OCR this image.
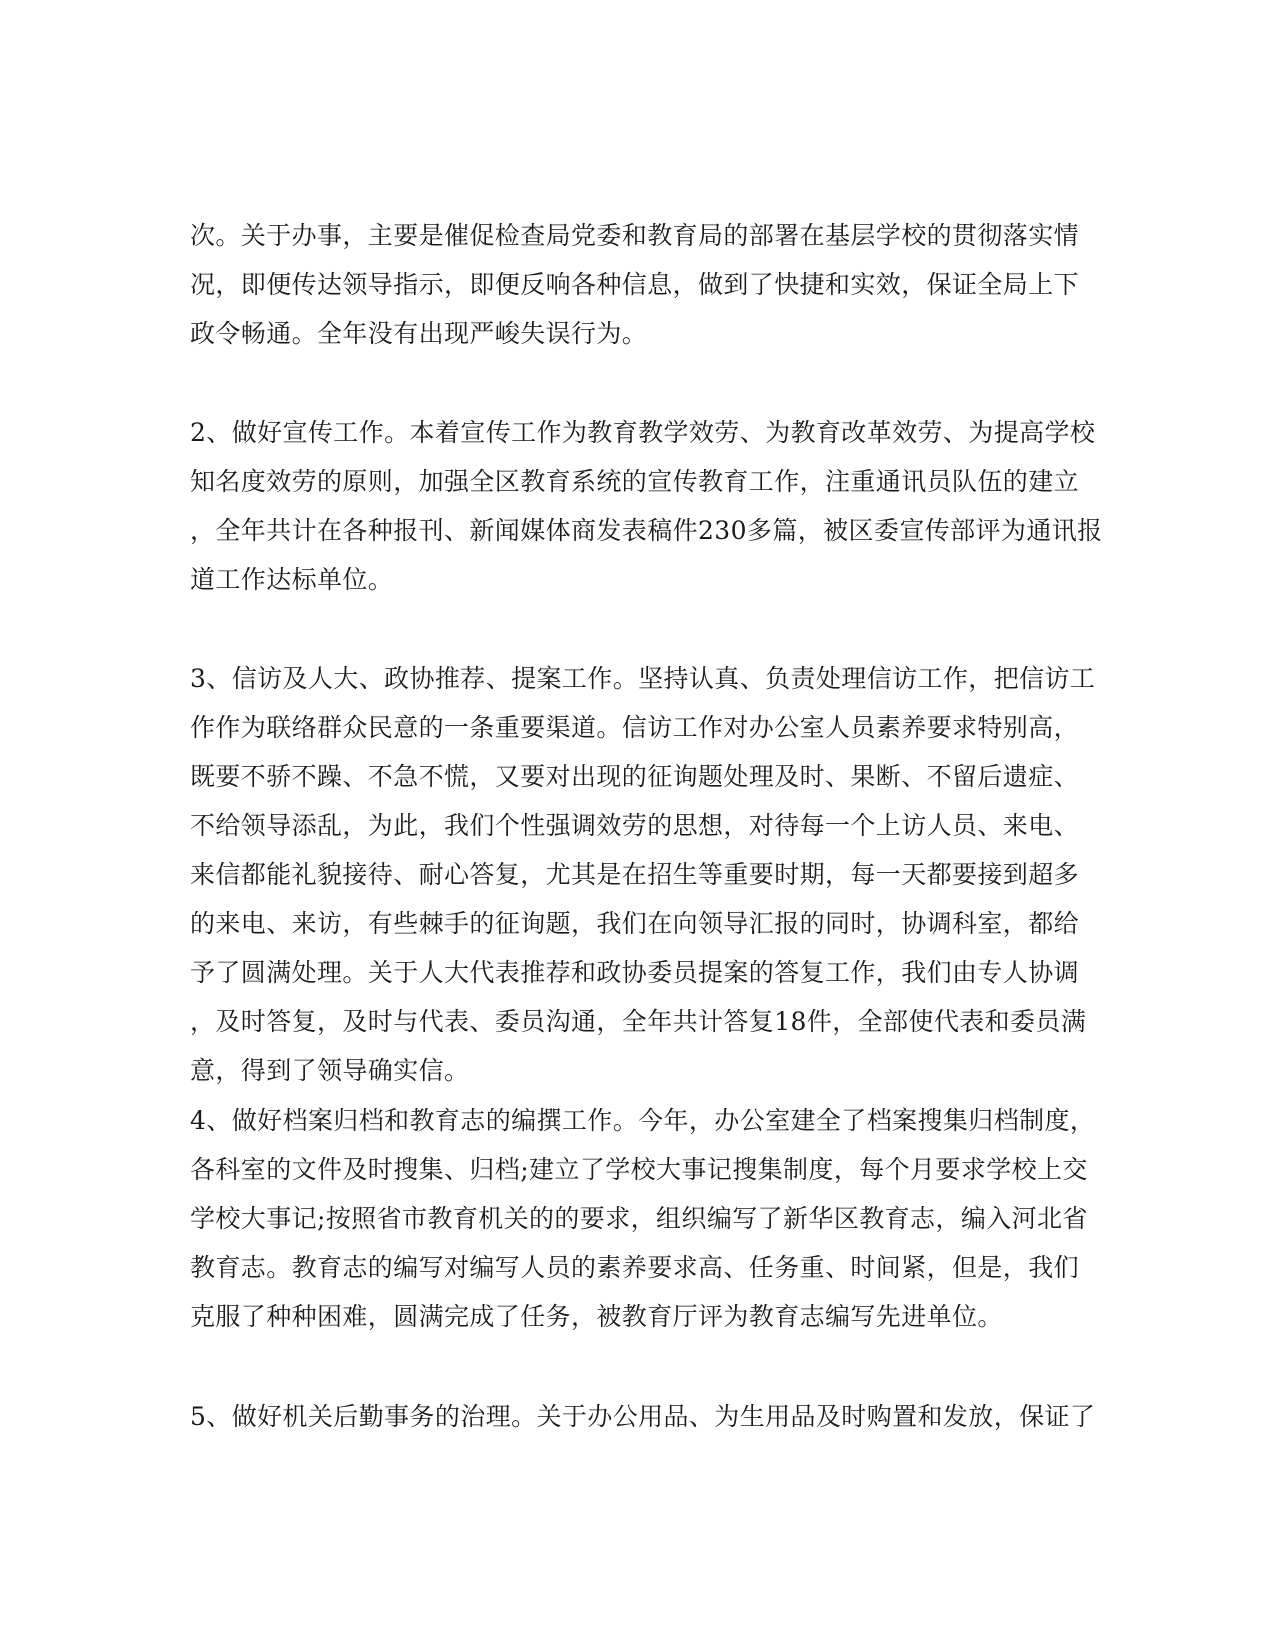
次。关于办事，主要是催促检查局党委和教育局的部署在基层学校的贯彻落实情
况，即便传达领导指示，即便反响各种信息，做到了快捷和实效，保证全局上下
政令畅通。全年没有出现严峻失误行为。
2、做好宣传工作。本着宣传工作为教育教学效劳、为教育改革效劳、为提高学校
知名度效劳的原则，加强全区教育系统的宣传教育工作，注重通讯员队伍的建立
，全年共计在各种报刊、新闻媒体商发表稿件230多篇，被区委宣传部评为通讯报
道工作达标单位。
3、信访及人大、政协推荐、提案工作。坚持认真、负责处理信访工作，把信访工
作作为联络群众民意的一条重要渠道。信访工作对办公室人员素养要求特别高，
既要不骄不躁、不急不慌，又要对出现的征询题处理及时、果断、不留后遗症、
不给领导添乱，为此，我们个性强调效劳的思想，对待每一个上访人员、来电、
来信都能礼貌接待、耐心答复，尤其是在招生等重要时期，每一天都要接到超多
的来电、来访，有些棘手的征询题，我们在向领导汇报的同时，协调科室，都给
予了圆满处理。关于人大代表推荐和政协委员提案的答复工作，我们由专人协调
，及时答复，及时与代表、委员沟通，全年共计答复18件，全部使代表和委员满
意，得到了领导确实信。
4、做好档案归档和教育志的编撰工作。今年，办公室建全了档案搜集归档制度，
各科室的文件及时搜集、归档;建立了学校大事记搜集制度，每个月要求学校上交
学校大事记;按照省市教育机关的的要求，组织编写了新华区教育志，编入河北省
教育志。教育志的编写对编写人员的素养要求高、任务重、时间紧，但是，我们
克服了种种困难，圆满完成了任务，被教育厅评为教育志编写先进单位。
5、做好机关后勤事务的治理。关于办公用品、为生用品及时购置和发放，保证了
